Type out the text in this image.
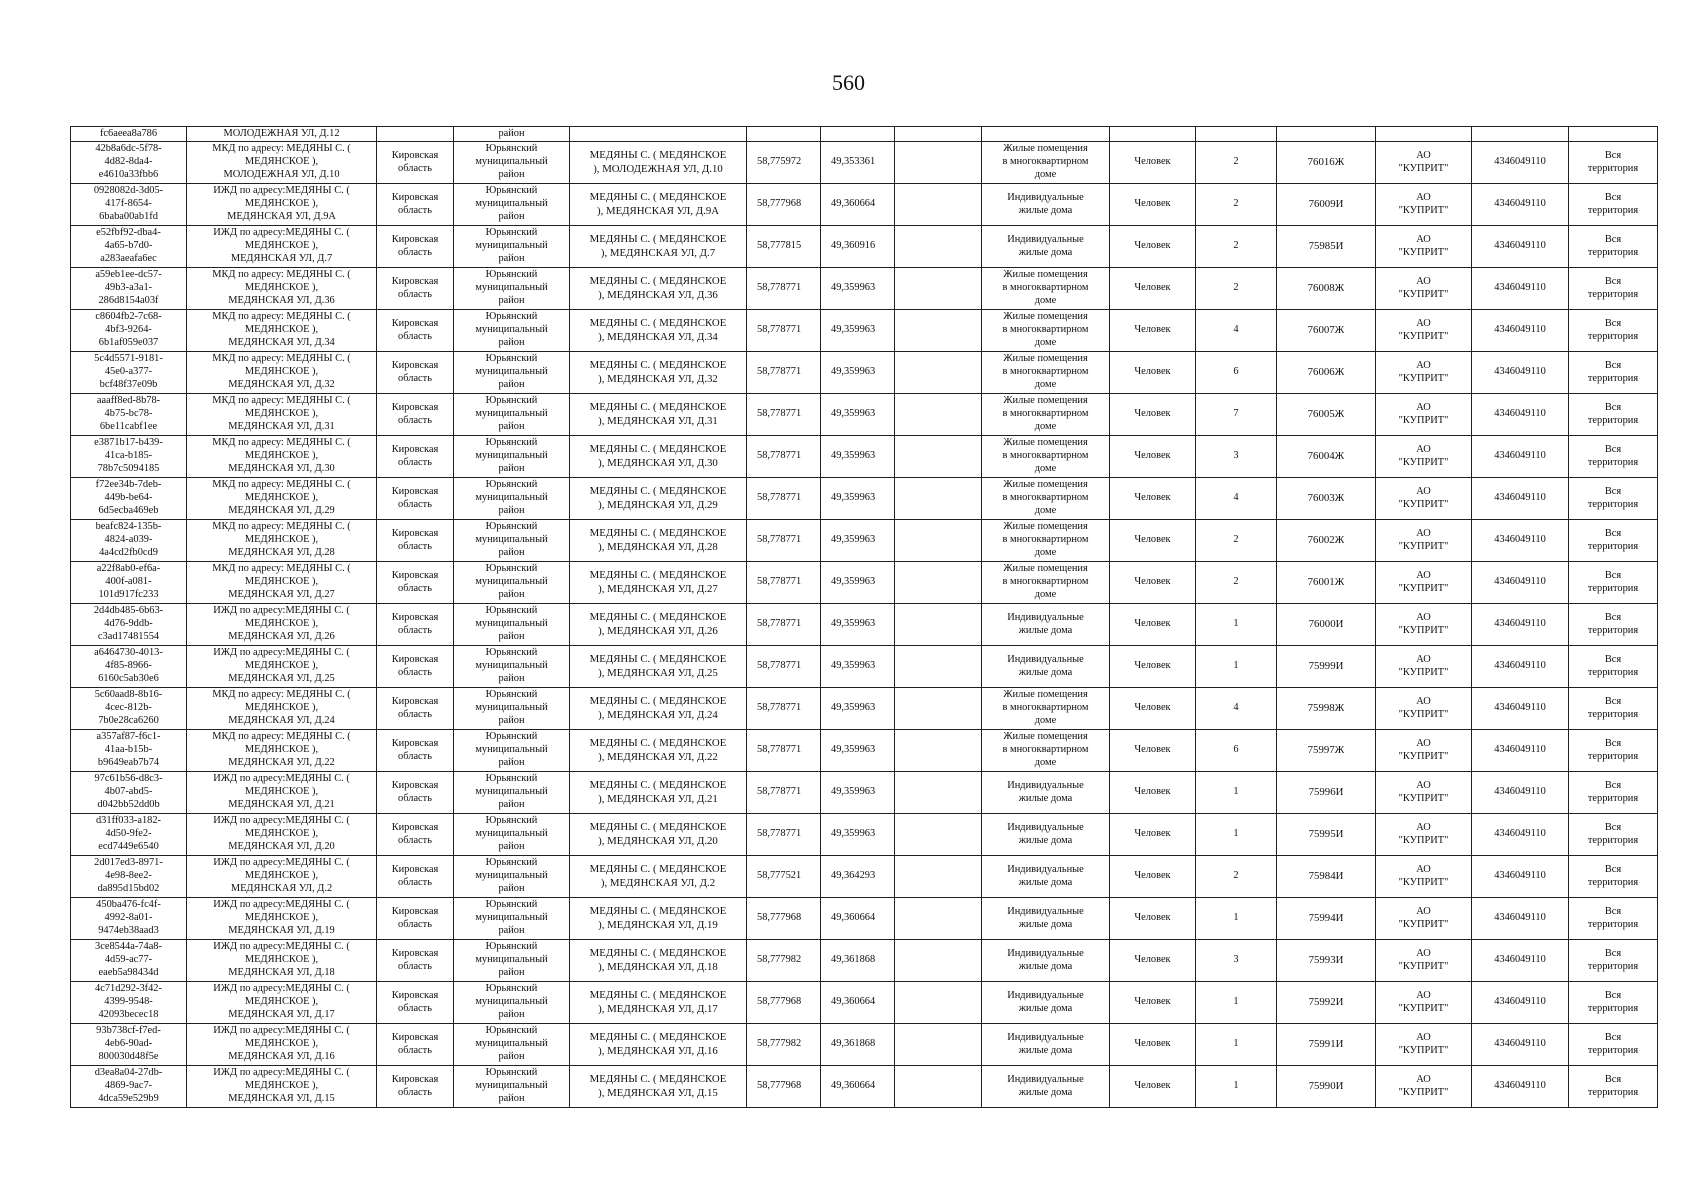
560
fc6aeea8a786	МОЛОДЕЖНАЯ УЛ, Д.12		район											
42b8a6dc-5f78-
4d82-8da4-
e4610a33fbb6	МКД по адресу: МЕДЯНЫ С. (
МЕДЯНСКОЕ ),
МОЛОДЕЖНАЯ УЛ, Д.10	Кировская
область	Юрьянский
муниципальный
район	МЕДЯНЫ С. ( МЕДЯНСКОЕ
), МОЛОДЕЖНАЯ УЛ, Д.10	58,775972	49,353361		Жилые помещения
в многоквартирном
доме	Человек	2	76016Ж	АО
"КУПРИТ"	4346049110	Вся
территория
0928082d-3d05-
417f-8654-
6baba00ab1fd	ИЖД по адресу:МЕДЯНЫ С. (
МЕДЯНСКОЕ ),
МЕДЯНСКАЯ УЛ, Д.9А	Кировская
область	Юрьянский
муниципальный
район	МЕДЯНЫ С. ( МЕДЯНСКОЕ
), МЕДЯНСКАЯ УЛ, Д.9А	58,777968	49,360664		Индивидуальные
жилые дома	Человек	2	76009И	АО
"КУПРИТ"	4346049110	Вся
территория
e52fbf92-dba4-
4a65-b7d0-
a283aeafa6ec	ИЖД по адресу:МЕДЯНЫ С. (
МЕДЯНСКОЕ ),
МЕДЯНСКАЯ УЛ, Д.7	Кировская
область	Юрьянский
муниципальный
район	МЕДЯНЫ С. ( МЕДЯНСКОЕ
), МЕДЯНСКАЯ УЛ, Д.7	58,777815	49,360916		Индивидуальные
жилые дома	Человек	2	75985И	АО
"КУПРИТ"	4346049110	Вся
территория
a59eb1ee-dc57-
49b3-a3a1-
286d8154a03f	МКД по адресу: МЕДЯНЫ С. (
МЕДЯНСКОЕ ),
МЕДЯНСКАЯ УЛ, Д.36	Кировская
область	Юрьянский
муниципальный
район	МЕДЯНЫ С. ( МЕДЯНСКОЕ
), МЕДЯНСКАЯ УЛ, Д.36	58,778771	49,359963		Жилые помещения
в многоквартирном
доме	Человек	2	76008Ж	АО
"КУПРИТ"	4346049110	Вся
территория
c8604fb2-7c68-
4bf3-9264-
6b1af059e037	МКД по адресу: МЕДЯНЫ С. (
МЕДЯНСКОЕ ),
МЕДЯНСКАЯ УЛ, Д.34	Кировская
область	Юрьянский
муниципальный
район	МЕДЯНЫ С. ( МЕДЯНСКОЕ
), МЕДЯНСКАЯ УЛ, Д.34	58,778771	49,359963		Жилые помещения
в многоквартирном
доме	Человек	4	76007Ж	АО
"КУПРИТ"	4346049110	Вся
территория
5c4d5571-9181-
45e0-a377-
bcf48f37e09b	МКД по адресу: МЕДЯНЫ С. (
МЕДЯНСКОЕ ),
МЕДЯНСКАЯ УЛ, Д.32	Кировская
область	Юрьянский
муниципальный
район	МЕДЯНЫ С. ( МЕДЯНСКОЕ
), МЕДЯНСКАЯ УЛ, Д.32	58,778771	49,359963		Жилые помещения
в многоквартирном
доме	Человек	6	76006Ж	АО
"КУПРИТ"	4346049110	Вся
территория
aaaff8ed-8b78-
4b75-bc78-
6be11cabf1ee	МКД по адресу: МЕДЯНЫ С. (
МЕДЯНСКОЕ ),
МЕДЯНСКАЯ УЛ, Д.31	Кировская
область	Юрьянский
муниципальный
район	МЕДЯНЫ С. ( МЕДЯНСКОЕ
), МЕДЯНСКАЯ УЛ, Д.31	58,778771	49,359963		Жилые помещения
в многоквартирном
доме	Человек	7	76005Ж	АО
"КУПРИТ"	4346049110	Вся
территория
e3871b17-b439-
41ca-b185-
78b7c5094185	МКД по адресу: МЕДЯНЫ С. (
МЕДЯНСКОЕ ),
МЕДЯНСКАЯ УЛ, Д.30	Кировская
область	Юрьянский
муниципальный
район	МЕДЯНЫ С. ( МЕДЯНСКОЕ
), МЕДЯНСКАЯ УЛ, Д.30	58,778771	49,359963		Жилые помещения
в многоквартирном
доме	Человек	3	76004Ж	АО
"КУПРИТ"	4346049110	Вся
территория
f72ee34b-7deb-
449b-be64-
6d5ecba469eb	МКД по адресу: МЕДЯНЫ С. (
МЕДЯНСКОЕ ),
МЕДЯНСКАЯ УЛ, Д.29	Кировская
область	Юрьянский
муниципальный
район	МЕДЯНЫ С. ( МЕДЯНСКОЕ
), МЕДЯНСКАЯ УЛ, Д.29	58,778771	49,359963		Жилые помещения
в многоквартирном
доме	Человек	4	76003Ж	АО
"КУПРИТ"	4346049110	Вся
территория
beafc824-135b-
4824-a039-
4a4cd2fb0cd9	МКД по адресу: МЕДЯНЫ С. (
МЕДЯНСКОЕ ),
МЕДЯНСКАЯ УЛ, Д.28	Кировская
область	Юрьянский
муниципальный
район	МЕДЯНЫ С. ( МЕДЯНСКОЕ
), МЕДЯНСКАЯ УЛ, Д.28	58,778771	49,359963		Жилые помещения
в многоквартирном
доме	Человек	2	76002Ж	АО
"КУПРИТ"	4346049110	Вся
территория
a22f8ab0-ef6a-
400f-a081-
101d917fc233	МКД по адресу: МЕДЯНЫ С. (
МЕДЯНСКОЕ ),
МЕДЯНСКАЯ УЛ, Д.27	Кировская
область	Юрьянский
муниципальный
район	МЕДЯНЫ С. ( МЕДЯНСКОЕ
), МЕДЯНСКАЯ УЛ, Д.27	58,778771	49,359963		Жилые помещения
в многоквартирном
доме	Человек	2	76001Ж	АО
"КУПРИТ"	4346049110	Вся
территория
2d4db485-6b63-
4d76-9ddb-
c3ad17481554	ИЖД по адресу:МЕДЯНЫ С. (
МЕДЯНСКОЕ ),
МЕДЯНСКАЯ УЛ, Д.26	Кировская
область	Юрьянский
муниципальный
район	МЕДЯНЫ С. ( МЕДЯНСКОЕ
), МЕДЯНСКАЯ УЛ, Д.26	58,778771	49,359963		Индивидуальные
жилые дома	Человек	1	76000И	АО
"КУПРИТ"	4346049110	Вся
территория
a6464730-4013-
4f85-8966-
6160c5ab30e6	ИЖД по адресу:МЕДЯНЫ С. (
МЕДЯНСКОЕ ),
МЕДЯНСКАЯ УЛ, Д.25	Кировская
область	Юрьянский
муниципальный
район	МЕДЯНЫ С. ( МЕДЯНСКОЕ
), МЕДЯНСКАЯ УЛ, Д.25	58,778771	49,359963		Индивидуальные
жилые дома	Человек	1	75999И	АО
"КУПРИТ"	4346049110	Вся
территория
5c60aad8-8b16-
4cec-812b-
7b0e28ca6260	МКД по адресу: МЕДЯНЫ С. (
МЕДЯНСКОЕ ),
МЕДЯНСКАЯ УЛ, Д.24	Кировская
область	Юрьянский
муниципальный
район	МЕДЯНЫ С. ( МЕДЯНСКОЕ
), МЕДЯНСКАЯ УЛ, Д.24	58,778771	49,359963		Жилые помещения
в многоквартирном
доме	Человек	4	75998Ж	АО
"КУПРИТ"	4346049110	Вся
территория
a357af87-f6c1-
41aa-b15b-
b9649eab7b74	МКД по адресу: МЕДЯНЫ С. (
МЕДЯНСКОЕ ),
МЕДЯНСКАЯ УЛ, Д.22	Кировская
область	Юрьянский
муниципальный
район	МЕДЯНЫ С. ( МЕДЯНСКОЕ
), МЕДЯНСКАЯ УЛ, Д.22	58,778771	49,359963		Жилые помещения
в многоквартирном
доме	Человек	6	75997Ж	АО
"КУПРИТ"	4346049110	Вся
территория
97c61b56-d8c3-
4b07-abd5-
d042bb52dd0b	ИЖД по адресу:МЕДЯНЫ С. (
МЕДЯНСКОЕ ),
МЕДЯНСКАЯ УЛ, Д.21	Кировская
область	Юрьянский
муниципальный
район	МЕДЯНЫ С. ( МЕДЯНСКОЕ
), МЕДЯНСКАЯ УЛ, Д.21	58,778771	49,359963		Индивидуальные
жилые дома	Человек	1	75996И	АО
"КУПРИТ"	4346049110	Вся
территория
d31ff033-a182-
4d50-9fe2-
ecd7449e6540	ИЖД по адресу:МЕДЯНЫ С. (
МЕДЯНСКОЕ ),
МЕДЯНСКАЯ УЛ, Д.20	Кировская
область	Юрьянский
муниципальный
район	МЕДЯНЫ С. ( МЕДЯНСКОЕ
), МЕДЯНСКАЯ УЛ, Д.20	58,778771	49,359963		Индивидуальные
жилые дома	Человек	1	75995И	АО
"КУПРИТ"	4346049110	Вся
территория
2d017ed3-8971-
4e98-8ee2-
da895d15bd02	ИЖД по адресу:МЕДЯНЫ С. (
МЕДЯНСКОЕ ),
МЕДЯНСКАЯ УЛ, Д.2	Кировская
область	Юрьянский
муниципальный
район	МЕДЯНЫ С. ( МЕДЯНСКОЕ
), МЕДЯНСКАЯ УЛ, Д.2	58,777521	49,364293		Индивидуальные
жилые дома	Человек	2	75984И	АО
"КУПРИТ"	4346049110	Вся
территория
450ba476-fc4f-
4992-8a01-
9474eb38aad3	ИЖД по адресу:МЕДЯНЫ С. (
МЕДЯНСКОЕ ),
МЕДЯНСКАЯ УЛ, Д.19	Кировская
область	Юрьянский
муниципальный
район	МЕДЯНЫ С. ( МЕДЯНСКОЕ
), МЕДЯНСКАЯ УЛ, Д.19	58,777968	49,360664		Индивидуальные
жилые дома	Человек	1	75994И	АО
"КУПРИТ"	4346049110	Вся
территория
3ce8544a-74a8-
4d59-ac77-
eaeb5a98434d	ИЖД по адресу:МЕДЯНЫ С. (
МЕДЯНСКОЕ ),
МЕДЯНСКАЯ УЛ, Д.18	Кировская
область	Юрьянский
муниципальный
район	МЕДЯНЫ С. ( МЕДЯНСКОЕ
), МЕДЯНСКАЯ УЛ, Д.18	58,777982	49,361868		Индивидуальные
жилые дома	Человек	3	75993И	АО
"КУПРИТ"	4346049110	Вся
территория
4c71d292-3f42-
4399-9548-
42093becec18	ИЖД по адресу:МЕДЯНЫ С. (
МЕДЯНСКОЕ ),
МЕДЯНСКАЯ УЛ, Д.17	Кировская
область	Юрьянский
муниципальный
район	МЕДЯНЫ С. ( МЕДЯНСКОЕ
), МЕДЯНСКАЯ УЛ, Д.17	58,777968	49,360664		Индивидуальные
жилые дома	Человек	1	75992И	АО
"КУПРИТ"	4346049110	Вся
территория
93b738cf-f7ed-
4eb6-90ad-
800030d48f5e	ИЖД по адресу:МЕДЯНЫ С. (
МЕДЯНСКОЕ ),
МЕДЯНСКАЯ УЛ, Д.16	Кировская
область	Юрьянский
муниципальный
район	МЕДЯНЫ С. ( МЕДЯНСКОЕ
), МЕДЯНСКАЯ УЛ, Д.16	58,777982	49,361868		Индивидуальные
жилые дома	Человек	1	75991И	АО
"КУПРИТ"	4346049110	Вся
территория
d3ea8a04-27db-
4869-9ac7-
4dca59e529b9	ИЖД по адресу:МЕДЯНЫ С. (
МЕДЯНСКОЕ ),
МЕДЯНСКАЯ УЛ, Д.15	Кировская
область	Юрьянский
муниципальный
район	МЕДЯНЫ С. ( МЕДЯНСКОЕ
), МЕДЯНСКАЯ УЛ, Д.15	58,777968	49,360664		Индивидуальные
жилые дома	Человек	1	75990И	АО
"КУПРИТ"	4346049110	Вся
территория
